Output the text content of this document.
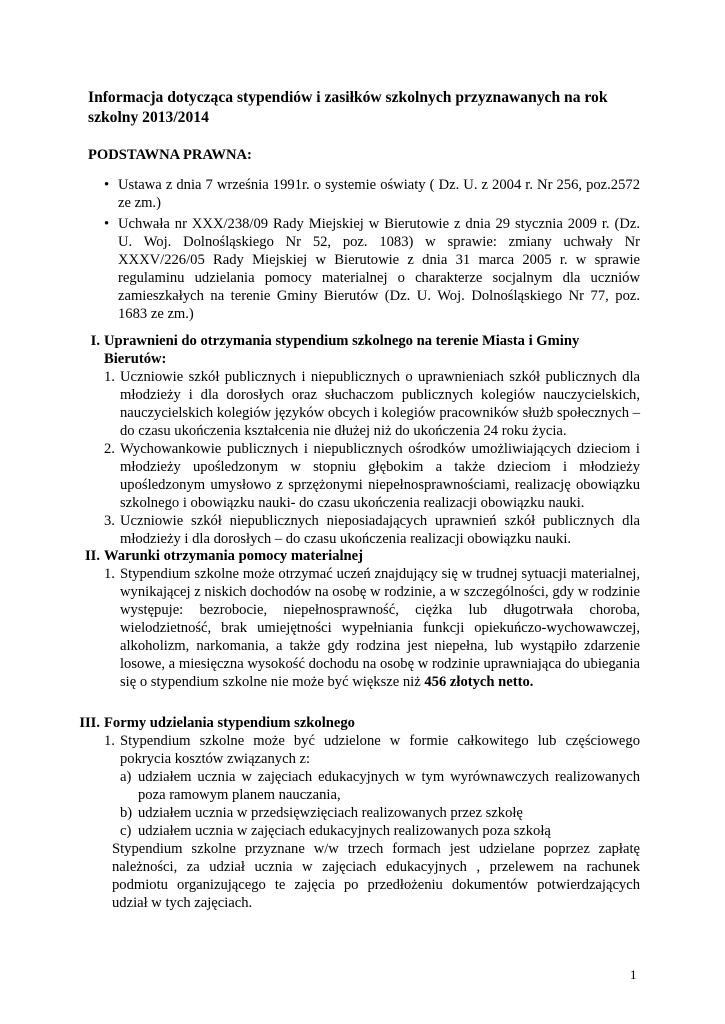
Informacja dotycząca stypendiów i zasiłków szkolnych przyznawanych na rok szkolny 2013/2014
PODSTAWNA PRAWNA:
• Ustawa z dnia 7 września 1991r. o systemie oświaty ( Dz. U. z 2004 r. Nr 256, poz.2572 ze zm.)
• Uchwała nr XXX/238/09 Rady Miejskiej w Bierutowie z dnia 29 stycznia 2009 r. (Dz. U. Woj. Dolnośląskiego Nr 52, poz. 1083) w sprawie: zmiany uchwały Nr XXXV/226/05 Rady Miejskiej w Bierutowie z dnia 31 marca 2005 r. w sprawie regulaminu udzielania pomocy materialnej o charakterze socjalnym dla uczniów zamieszkałych na terenie Gminy Bierutów (Dz. U. Woj. Dolnośląskiego Nr 77, poz. 1683 ze zm.)
I. Uprawnieni do otrzymania stypendium szkolnego na terenie Miasta i Gminy Bierutów:
1. Uczniowie szkół publicznych i niepublicznych o uprawnieniach szkół publicznych dla młodzieży i dla dorosłych oraz słuchaczom publicznych kolegiów nauczycielskich, nauczycielskich kolegiów języków obcych i kolegiów pracowników służb społecznych – do czasu ukończenia kształcenia nie dłużej niż do ukończenia 24 roku życia.
2. Wychowankowie publicznych i niepublicznych ośrodków umożliwiających dzieciom i młodzieży upośledzonym w stopniu głębokim a także dzieciom i młodzieży upośledzonym umysłowo z sprzężonymi niepełnosprawnościami, realizację obowiązku szkolnego i obowiązku nauki- do czasu ukończenia realizacji obowiązku nauki.
3. Uczniowie szkół niepublicznych nieposiadających uprawnień szkół publicznych dla młodzieży i dla dorosłych – do czasu ukończenia realizacji obowiązku nauki.
II. Warunki otrzymania pomocy materialnej
1. Stypendium szkolne może otrzymać uczeń znajdujący się w trudnej sytuacji materialnej, wynikającej z niskich dochodów na osobę w rodzinie, a w szczególności, gdy w rodzinie występuje: bezrobocie, niepełnosprawność, ciężka lub długotrwała choroba, wielodzietność, brak umiejętności wypełniania funkcji opiekuńczo-wychowawczej, alkoholizm, narkomania, a także gdy rodzina jest niepełna, lub wystąpiło zdarzenie losowe, a miesięczna wysokość dochodu na osobę w rodzinie uprawniająca do ubiegania się o stypendium szkolne nie może być większe niż 456 złotych netto.
III. Formy udzielania stypendium szkolnego
1. Stypendium szkolne może być udzielone w formie całkowitego lub częściowego pokrycia kosztów związanych z:
a) udziałem ucznia w zajęciach edukacyjnych w tym wyrównawczych realizowanych poza ramowym planem nauczania,
b) udziałem ucznia w przedsięwzięciach realizowanych przez szkołę
c) udziałem ucznia w zajęciach edukacyjnych realizowanych poza szkołą
Stypendium szkolne przyznane w/w trzech formach jest udzielane poprzez zapłatę należności, za udział ucznia w zajęciach edukacyjnych , przelewem na rachunek podmiotu organizującego te zajęcia po przedłożeniu dokumentów potwierdzających udział w tych zajęciach.
1
